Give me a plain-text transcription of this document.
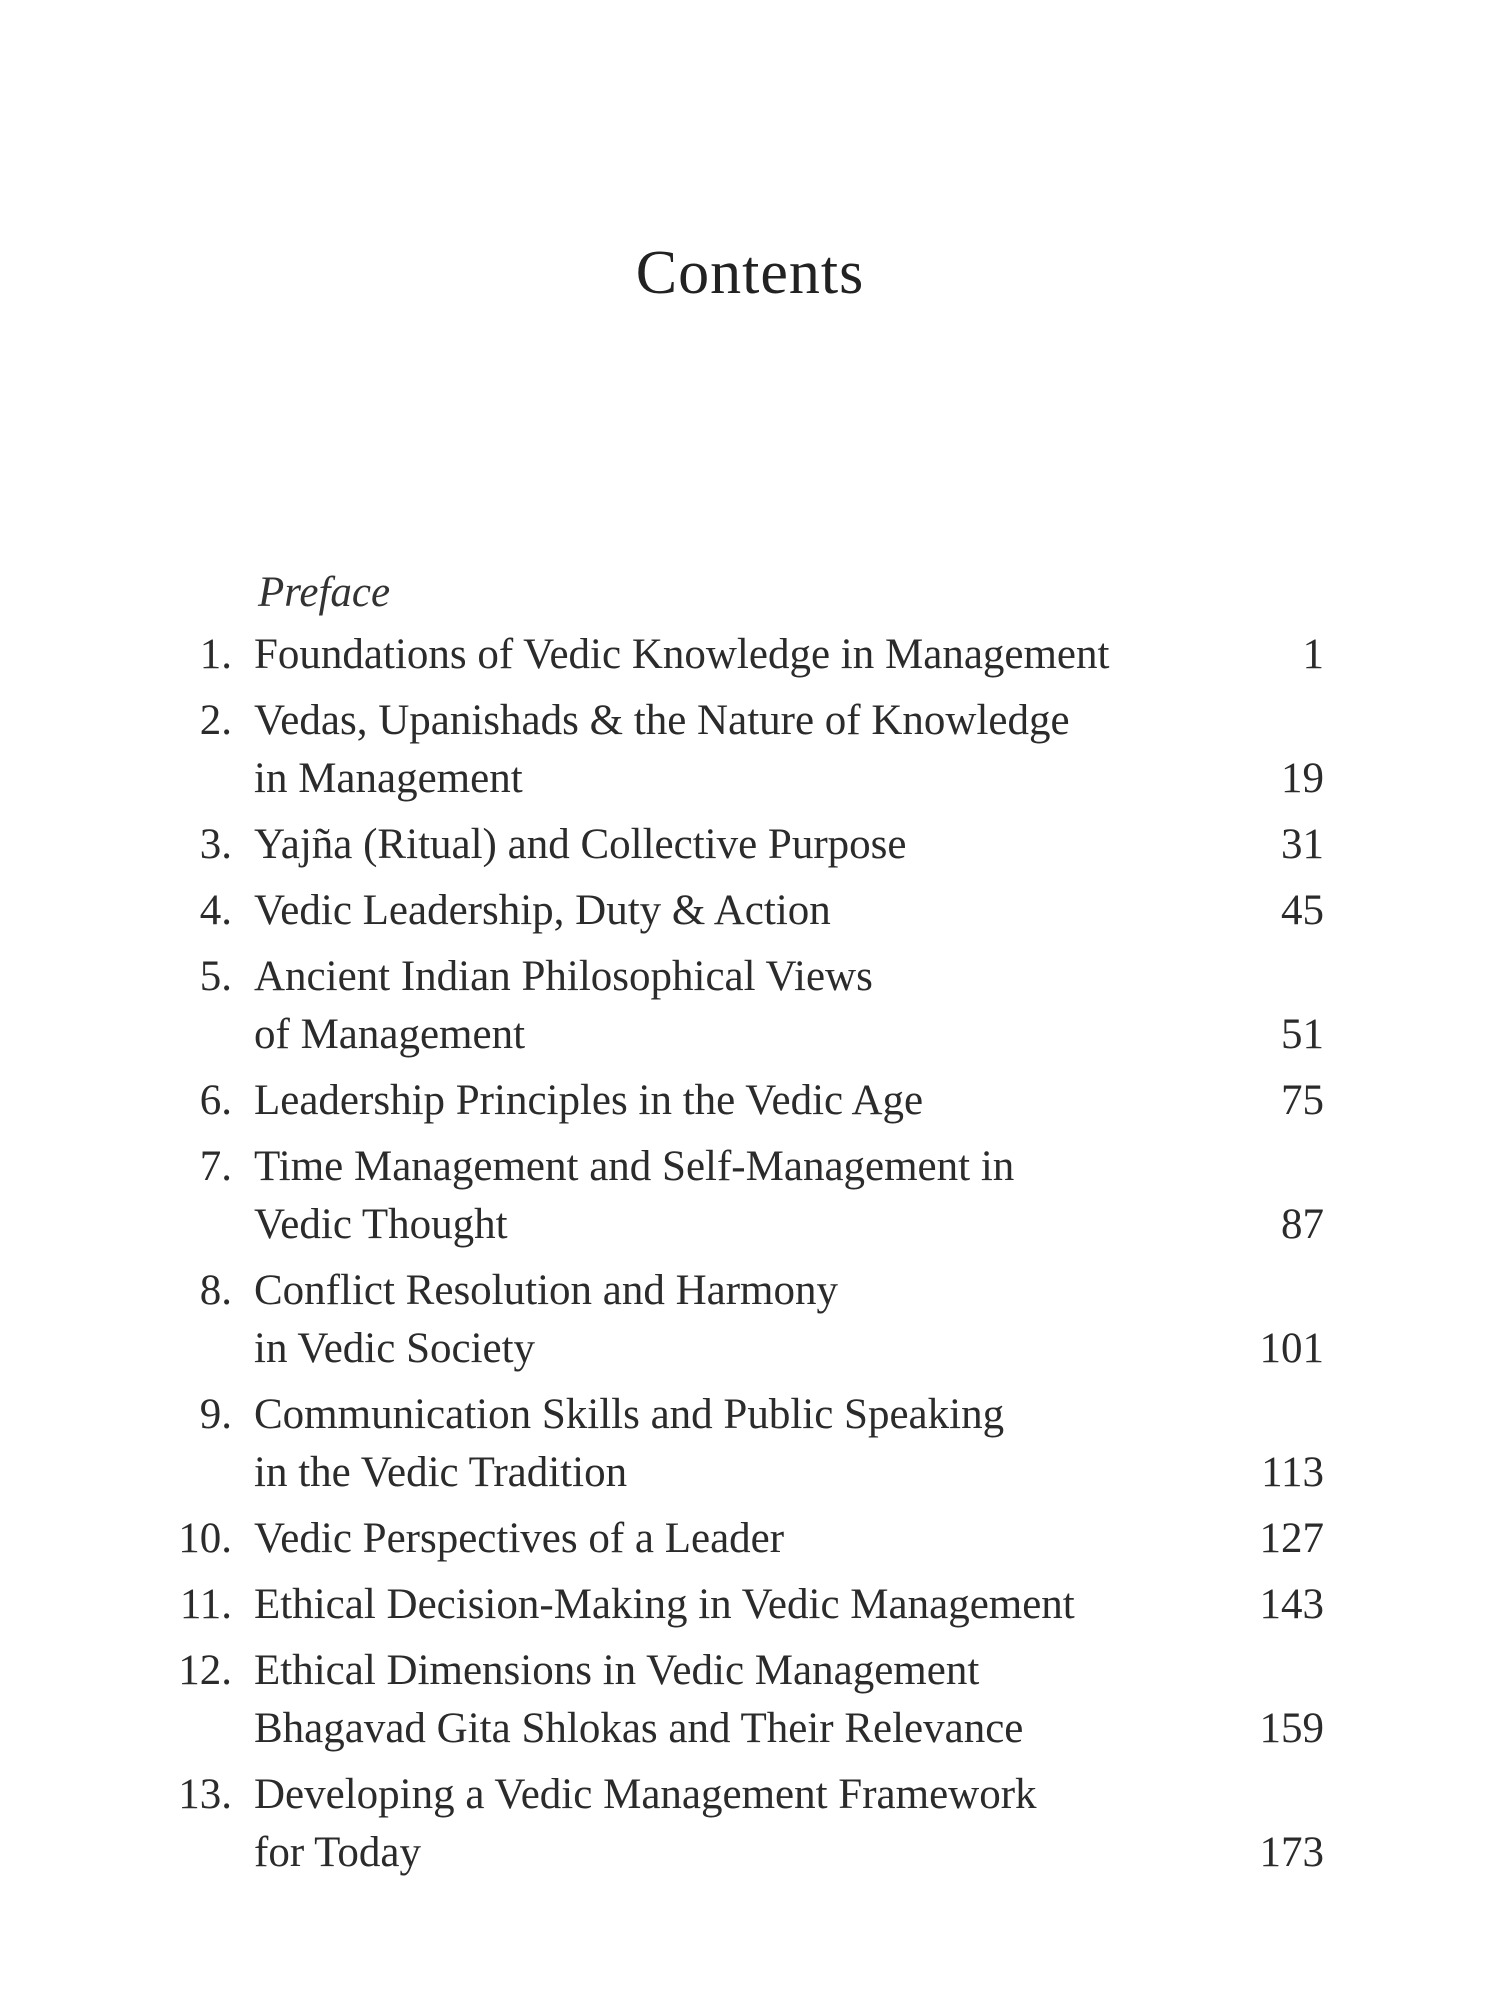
Contents
Preface
1. Foundations of Vedic Knowledge in Management	1
2. Vedas, Upanishads & the Nature of Knowledge
in Management	19
3. Yajña (Ritual) and Collective Purpose	31
4. Vedic Leadership, Duty & Action	45
5. Ancient Indian Philosophical Views
of Management	51
6. Leadership Principles in the Vedic Age	75
7. Time Management and Self-Management in
Vedic Thought	87
8. Conflict Resolution and Harmony
in Vedic Society	101
9. Communication Skills and Public Speaking
in the Vedic Tradition	113
10. Vedic Perspectives of a Leader	127
11. Ethical Decision-Making in Vedic Management	143
12. Ethical Dimensions in Vedic Management
Bhagavad Gita Shlokas and Their Relevance	159
13. Developing a Vedic Management Framework
for Today	173
